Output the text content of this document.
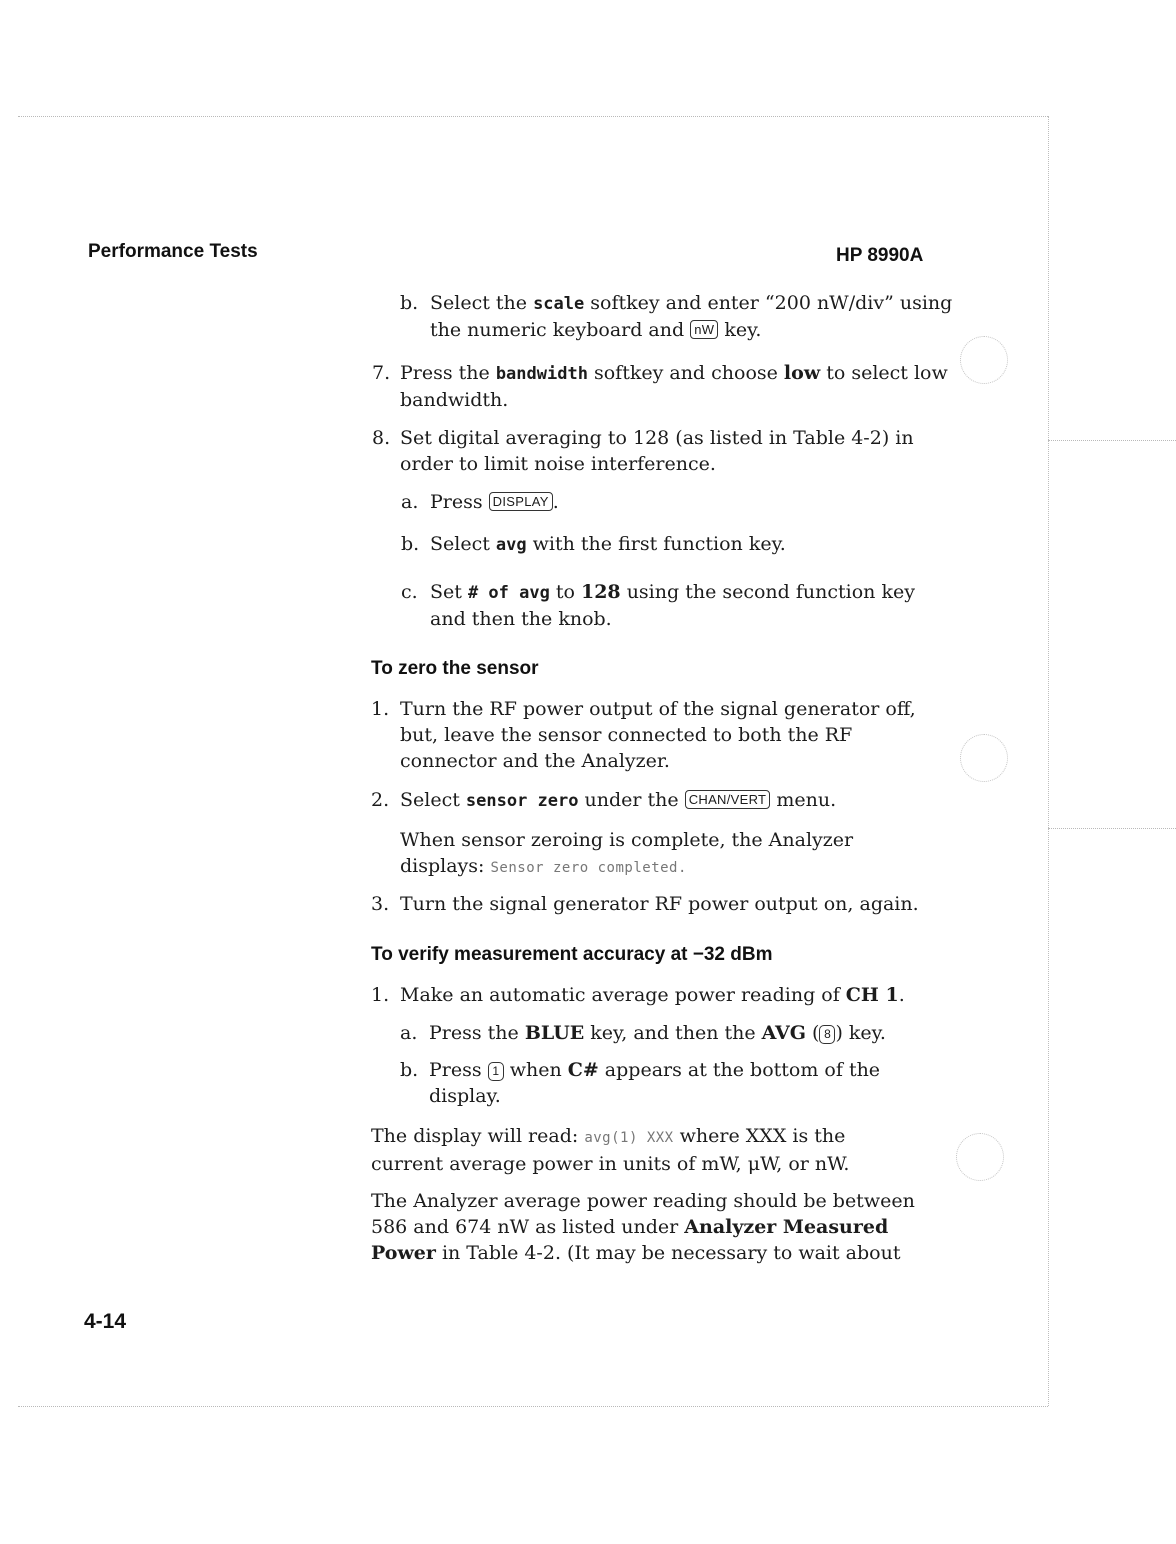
Performance Tests	HP 8990A
b. Select the scale softkey and enter “200 nW/div” using the numeric keyboard and nW key.
7. Press the bandwidth softkey and choose low to select low bandwidth.
8. Set digital averaging to 128 (as listed in Table 4-2) in order to limit noise interference.
a. Press DISPLAY .
b. Select avg with the first function key.
c. Set # of avg to 128 using the second function key and then the knob.
To zero the sensor
1. Turn the RF power output of the signal generator off, but, leave the sensor connected to both the RF connector and the Analyzer.
2. Select sensor zero under the CHAN/VERT menu.
When sensor zeroing is complete, the Analyzer displays: Sensor zero completed.
3. Turn the signal generator RF power output on, again.
To verify measurement accuracy at −32 dBm
1. Make an automatic average power reading of CH 1.
a. Press the BLUE key, and then the AVG ( 8 ) key.
b. Press 1 when C# appears at the bottom of the display.
The display will read: avg(1) XXX where XXX is the current average power in units of mW, μW, or nW.
The Analyzer average power reading should be between 586 and 674 nW as listed under Analyzer Measured Power in Table 4-2. (It may be necessary to wait about
4-14
